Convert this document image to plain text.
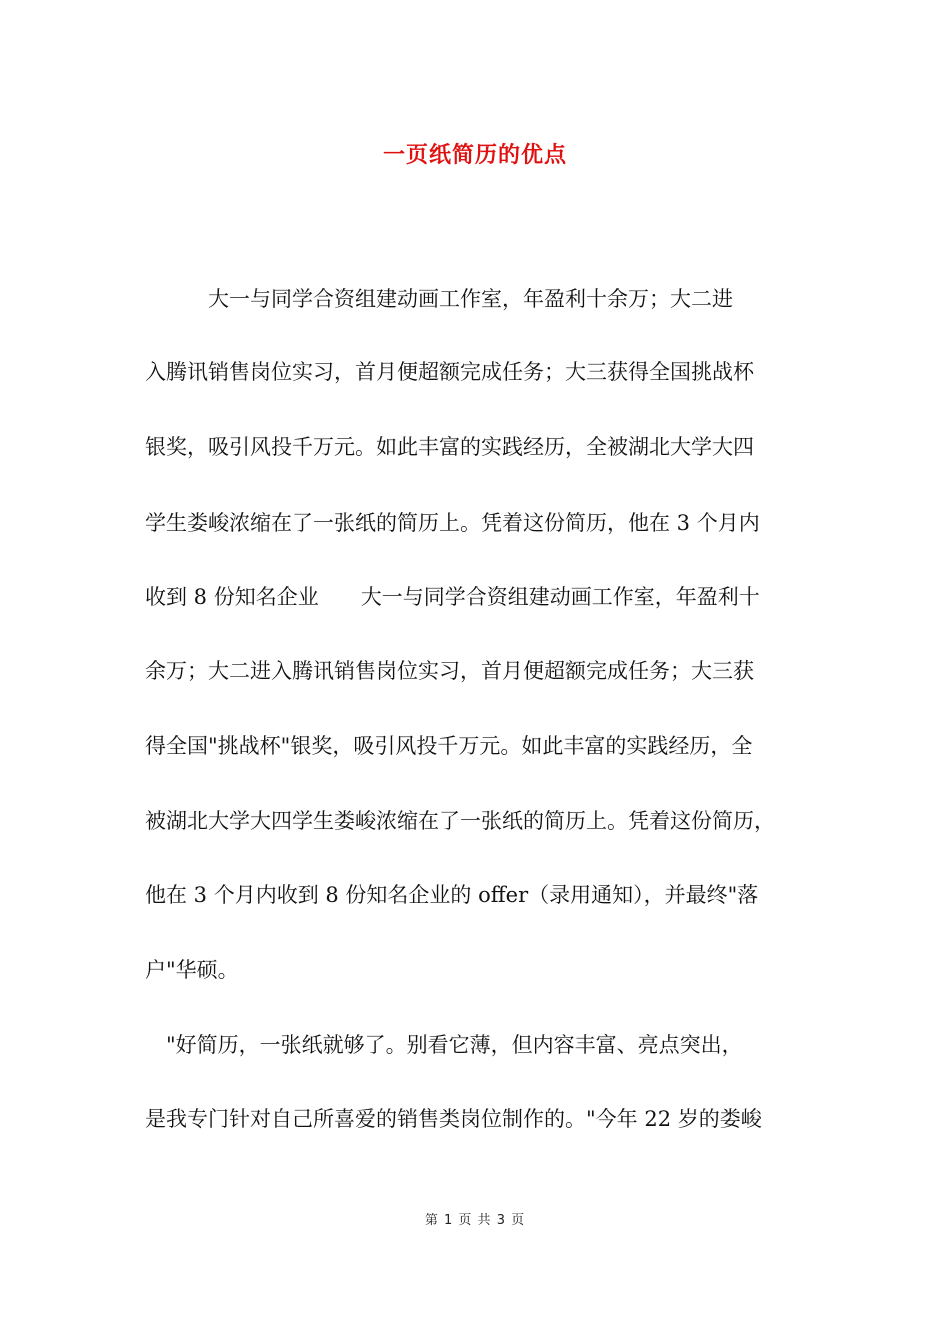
一页纸简历的优点
　　　大一与同学合资组建动画工作室，年盈利十余万；大二进
入腾讯销售岗位实习，首月便超额完成任务；大三获得全国挑战杯
银奖，吸引风投千万元。如此丰富的实践经历，全被湖北大学大四
学生娄峻浓缩在了一张纸的简历上。凭着这份简历，他在 3 个月内
收到 8 份知名企业　　大一与同学合资组建动画工作室，年盈利十
余万；大二进入腾讯销售岗位实习，首月便超额完成任务；大三获
得全国"挑战杯"银奖，吸引风投千万元。如此丰富的实践经历，全
被湖北大学大四学生娄峻浓缩在了一张纸的简历上。凭着这份简历，
他在 3 个月内收到 8 份知名企业的 offer（录用通知），并最终"落
户"华硕。
　"好简历，一张纸就够了。别看它薄，但内容丰富、亮点突出，
是我专门针对自己所喜爱的销售类岗位制作的。"今年 22 岁的娄峻
第 1 页 共 3 页
